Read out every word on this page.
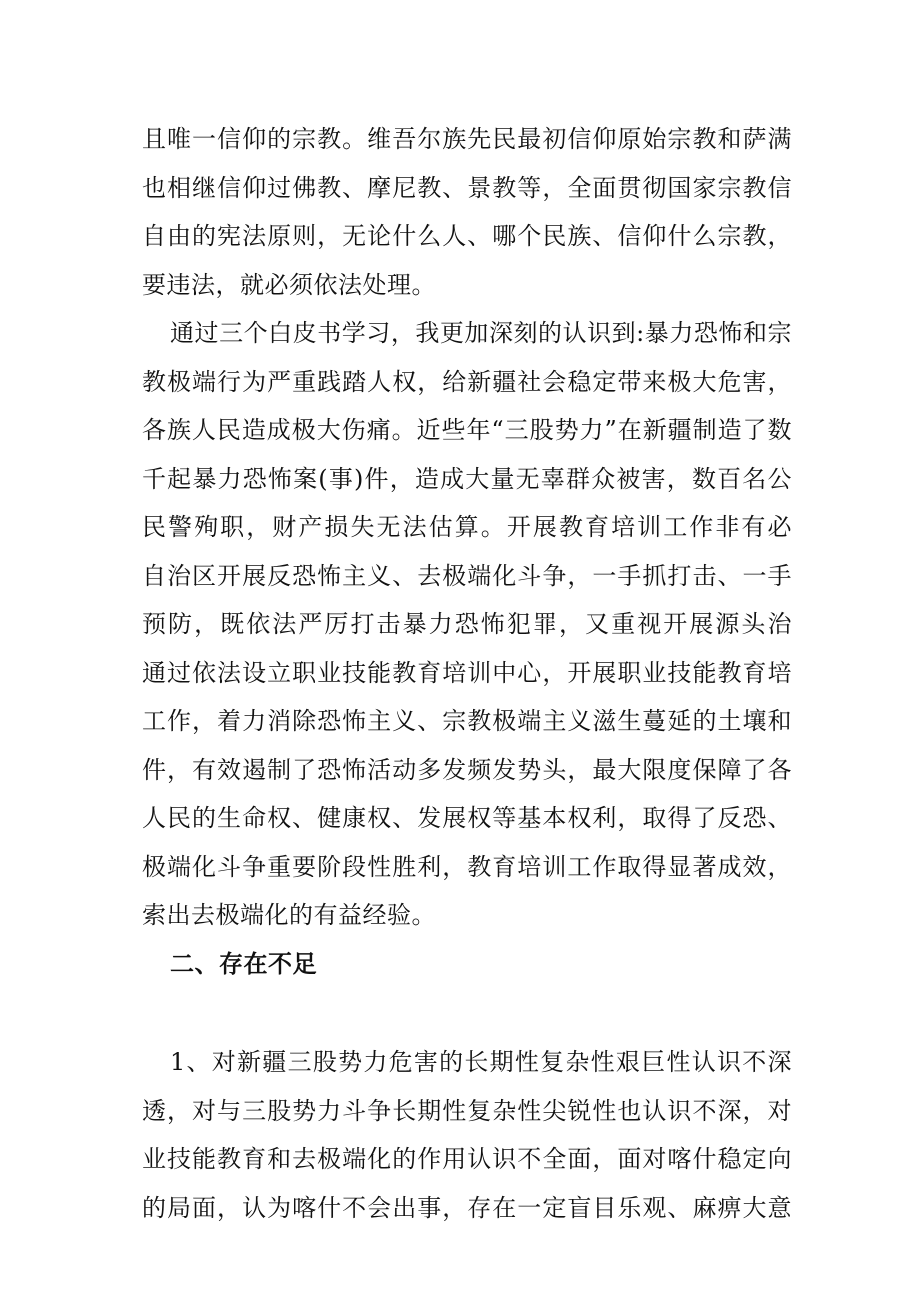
且唯一信仰的宗教。维吾尔族先民最初信仰原始宗教和萨满
也相继信仰过佛教、摩尼教、景教等，全面贯彻国家宗教信
自由的宪法原则，无论什么人、哪个民族、信仰什么宗教，
要违法，就必须依法处理。
通过三个白皮书学习，我更加深刻的认识到:暴力恐怖和宗
教极端行为严重践踏人权，给新疆社会稳定带来极大危害，
各族人民造成极大伤痛。近些年“三股势力”在新疆制造了数
千起暴力恐怖案(事)件，造成大量无辜群众被害，数百名公
民警殉职，财产损失无法估算。开展教育培训工作非有必
自治区开展反恐怖主义、去极端化斗争，一手抓打击、一手
预防，既依法严厉打击暴力恐怖犯罪，又重视开展源头治
通过依法设立职业技能教育培训中心，开展职业技能教育培
工作，着力消除恐怖主义、宗教极端主义滋生蔓延的土壤和
件，有效遏制了恐怖活动多发频发势头，最大限度保障了各
人民的生命权、健康权、发展权等基本权利，取得了反恐、
极端化斗争重要阶段性胜利，教育培训工作取得显著成效，
索出去极端化的有益经验。
二、存在不足
1、对新疆三股势力危害的长期性复杂性艰巨性认识不深
透，对与三股势力斗争长期性复杂性尖锐性也认识不深，对
业技能教育和去极端化的作用认识不全面，面对喀什稳定向
的局面，认为喀什不会出事，存在一定盲目乐观、麻痹大意
